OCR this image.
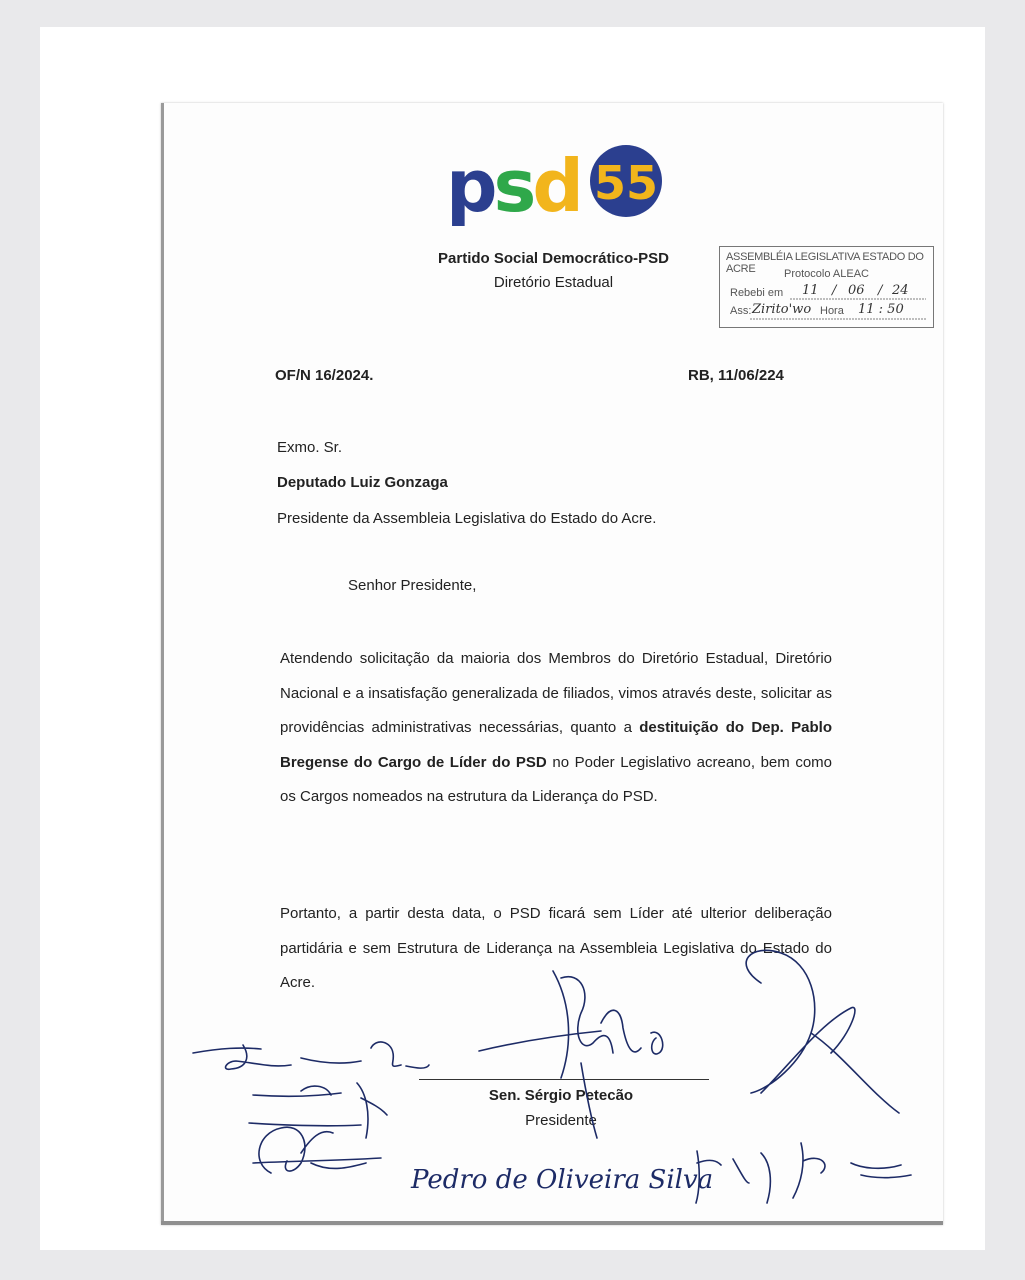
psd 55
Partido Social Democrático-PSD
Diretório Estadual
ASSEMBLÉIA LEGISLATIVA ESTADO DO ACRE	Protocolo ALEAC
Rebebi em 11 / 06 / 24
Ass: Zirito'wo Hora 11 : 50
OF/N 16/2024.	RB, 11/06/224
Exmo. Sr.
Deputado Luiz Gonzaga
Presidente da Assembleia Legislativa do Estado do Acre.
Senhor Presidente,
Atendendo solicitação da maioria dos Membros do Diretório Estadual, Diretório Nacional e a insatisfação generalizada de filiados, vimos através deste, solicitar as providências administrativas necessárias, quanto a destituição do Dep. Pablo Bregense do Cargo de Líder do PSD no Poder Legislativo acreano, bem como os Cargos nomeados na estrutura da Liderança do PSD.
Portanto, a partir desta data, o PSD ficará sem Líder até ulterior deliberação partidária e sem Estrutura de Liderança na Assembleia Legislativa do Estado do Acre.
Sen. Sérgio Petecão
Presidente
Pedro de Oliveira Silva
